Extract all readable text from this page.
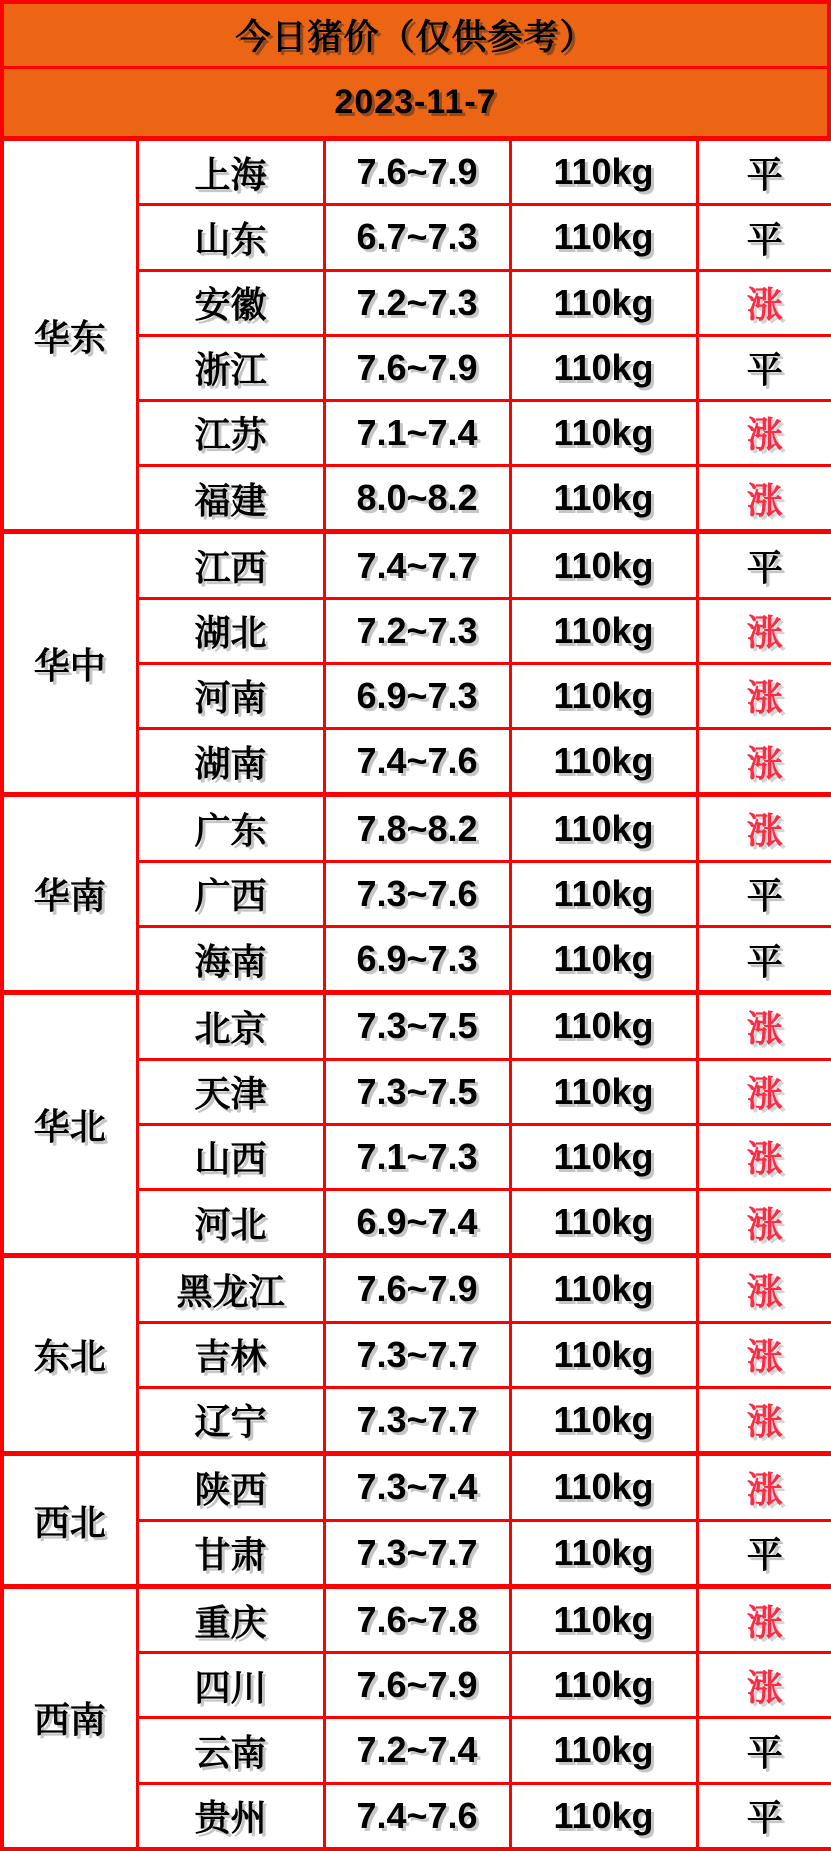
今日猪价（仅供参考）
2023-11-7
华东	上海	7.6~7.9	110kg	平
	山东	6.7~7.3	110kg	平
	安徽	7.2~7.3	110kg	涨
	浙江	7.6~7.9	110kg	平
	江苏	7.1~7.4	110kg	涨
	福建	8.0~8.2	110kg	涨
华中	江西	7.4~7.7	110kg	平
	湖北	7.2~7.3	110kg	涨
	河南	6.9~7.3	110kg	涨
	湖南	7.4~7.6	110kg	涨
华南	广东	7.8~8.2	110kg	涨
	广西	7.3~7.6	110kg	平
	海南	6.9~7.3	110kg	平
华北	北京	7.3~7.5	110kg	涨
	天津	7.3~7.5	110kg	涨
	山西	7.1~7.3	110kg	涨
	河北	6.9~7.4	110kg	涨
东北	黑龙江	7.6~7.9	110kg	涨
	吉林	7.3~7.7	110kg	涨
	辽宁	7.3~7.7	110kg	涨
西北	陕西	7.3~7.4	110kg	涨
	甘肃	7.3~7.7	110kg	平
西南	重庆	7.6~7.8	110kg	涨
	四川	7.6~7.9	110kg	涨
	云南	7.2~7.4	110kg	平
	贵州	7.4~7.6	110kg	平
